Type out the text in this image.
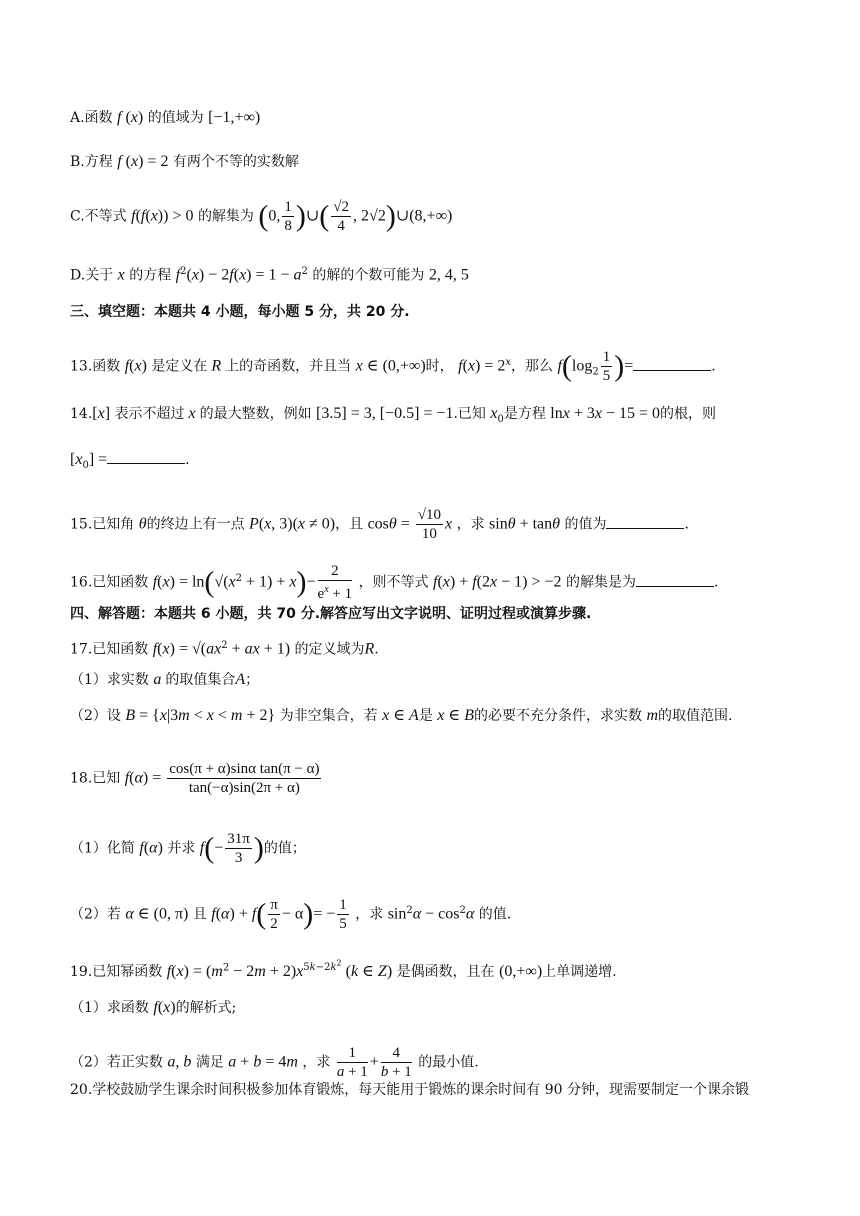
A.函数 f (x) 的值域为 [−1,+∞)
B.方程 f (x) = 2 有两个不等的实数解
C.不等式 f(f(x)) > 0 的解集为 (0, $\frac{1}{8}$ )∪( $\frac{√2}{4}$ , 2√2)∪(8,+∞)
D.关于 x 的方程 $f^2(x) - 2f(x) = 1 - a^2$ 的解的个数可能为 2, 4, 5
三、填空题：本题共 4 小题，每小题 5 分，共 20 分.
13.函数 f(x) 是定义在 R 上的奇函数，并且当 x ∈ (0,+∞)时， $f(x) = 2^x$，那么 $f(\log_2 \frac{1}{5}$ )=	.
14.[x] 表示不超过 x 的最大整数，例如 [3.5] = 3, [−0.5] = −1.已知 $x_0$是方程 lnx + 3x − 15 = 0的根，则
$[x_0]$ =	.
15.已知角 θ的终边上有一点 P(x, 3)(x ≠ 0)，且 $\cos\theta = \frac{√10}{10}$ x ，求 sinθ + tanθ 的值为	.
16.已知函数 $f(x) = \ln(√(x^2 + 1) + x)- \frac{2}{e^x + 1}$ ，则不等式 f(x) + f(2x − 1) > −2 的解集是为	.
四、解答题：本题共 6 小题，共 70 分.解答应写出文字说明、证明过程或演算步骤.
17.已知函数 $f(x) = √(ax^2$ + ax + 1) 的定义域为R.
（1）求实数 a 的取值集合A；
（2）设 B = {x|3m < x < m + 2} 为非空集合，若 x ∈ A是 x ∈ B的必要不充分条件，求实数 m的取值范围.
18.已知 $f(\alpha) = \frac{\text{cos(π + α)sinα tan(π − α)}}{\tan(-\alpha)\sin(2\pi + \alpha)}$
（1）化简 f(α) 并求 $f(- \frac{31\pi}{3}$ )的值；
（2）若 α ∈ (0, π) 且 $f(\alpha) + f( \frac{\pi}{2} - \alpha)= - \frac{1}{5}$ ，求 $\sin^2\alpha - \cos^2\alpha$ 的值.
19.已知幂函数 $f(x) = (m^2 - 2m + 2)x^{5k-2k^2}$ (k ∈ Z) 是偶函数，且在 (0,+∞)上单调递增.
（1）求函数 f(x)的解析式;
（2）若正实数 a, b 满足 a + b = 4m ，求 $\frac{1}{a + 1} + \frac{4}{b + 1}$ 的最小值.
20.学校鼓励学生课余时间积极参加体育锻炼，每天能用于锻炼的课余时间有 90 分钟，现需要制定一个课余锻
